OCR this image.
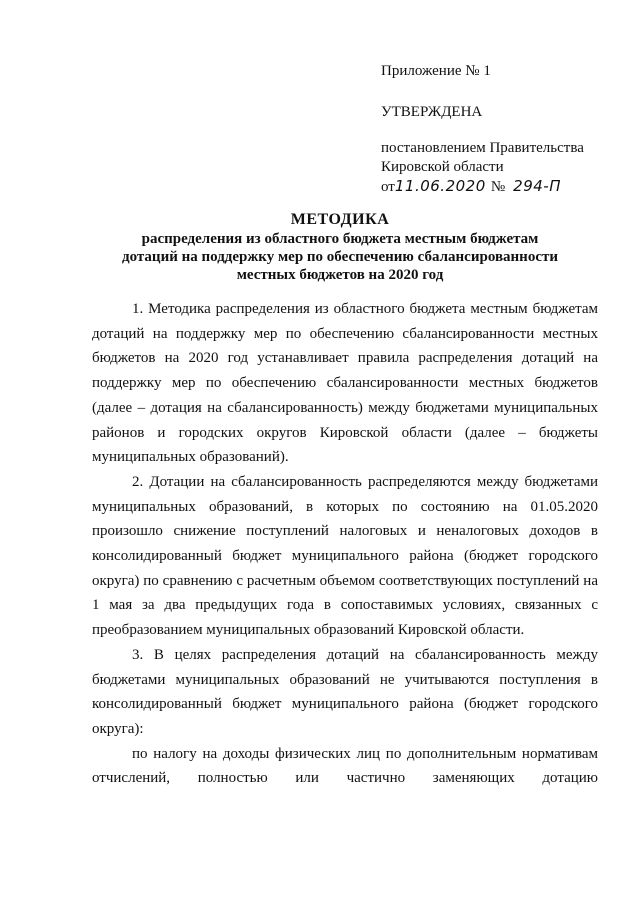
Приложение № 1

УТВЕРЖДЕНА

постановлением Правительства

Кировской области

от11.06.2020 № 294-П

МЕТОДИКА
распределения из областного бюджета местным бюджетам дотаций на поддержку мер по обеспечению сбалансированности местных бюджетов на 2020 год

1. Методика распределения из областного бюджета местным бюджетам дотаций на поддержку мер по обеспечению сбалансированности местных бюджетов на 2020 год устанавливает правила распределения дотаций на поддержку мер по обеспечению сбалансированности местных бюджетов (далее – дотация на сбалансированность) между бюджетами муниципальных районов и городских округов Кировской области (далее – бюджеты муниципальных образований).

2. Дотации на сбалансированность распределяются между бюджетами муниципальных образований, в которых по состоянию на 01.05.2020 произошло снижение поступлений налоговых и неналоговых доходов в консолидированный бюджет муниципального района (бюджет городского округа) по сравнению с расчетным объемом соответствующих поступлений на 1 мая за два предыдущих года в сопоставимых условиях, связанных с преобразованием муниципальных образований Кировской области.

3. В целях распределения дотаций на сбалансированность между бюджетами муниципальных образований не учитываются поступления в консолидированный бюджет муниципального района (бюджет городского округа):

по налогу на доходы физических лиц по дополнительным нормативам отчислений, полностью или частично заменяющих дотацию
